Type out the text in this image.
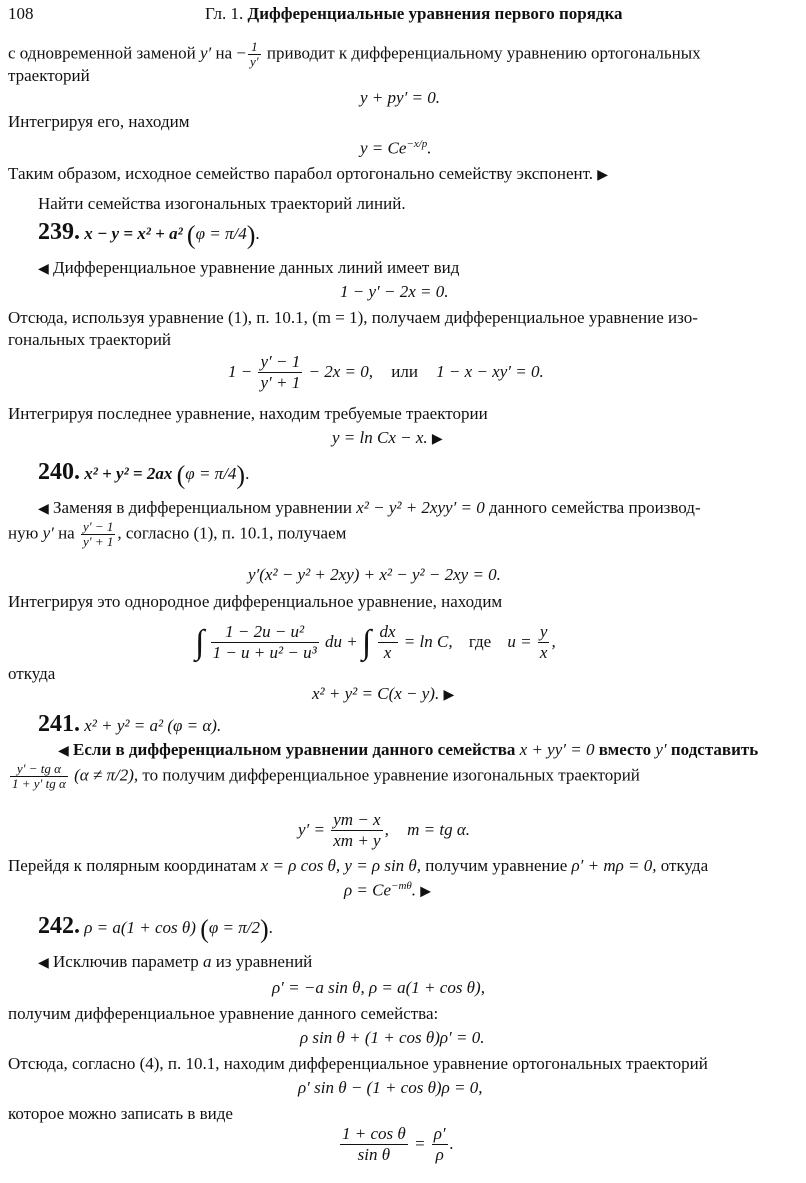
108	Гл. 1. Дифференциальные уравнения первого порядка
с одновременной заменой y′ на − $\frac{1}{y'}$ приводит к дифференциальному уравнению ортогональных
траекторий
y + py′ = 0.
Интегрируя его, находим
$y = Ce^{-x/p}$.
Таким образом, исходное семейство парабол ортогонально семейству экспонент. ▶
Найти семейства изогональных траекторий линий.
239. x − y = x² + a² (φ = π/4).
◀ Дифференциальное уравнение данных линий имеет вид
1 − y′ − 2x = 0.
Отсюда, используя уравнение (1), п. 10.1, (m = 1), получаем дифференциальное уравнение изо-
гональных траекторий
$1 - \frac{y' - 1}{y' + 1} - 2x = 0$, или 1 − x − xy′ = 0.
Интегрируя последнее уравнение, находим требуемые траектории
y = ln Cx − x. ▶
240. x² + y² = 2ax (φ = π/4).
◀ Заменяя в дифференциальном уравнении x² − y² + 2xyy′ = 0 данного семейства производ-
ную y′ на $\frac{y' - 1}{y' + 1}$ , согласно (1), п. 10.1, получаем
y′(x² − y² + 2xy) + x² − y² − 2xy = 0.
Интегрируя это однородное дифференциальное уравнение, находим
∫ $\frac{\text{1 − 2u − u²}}{\text{1 − u + u² − u³}}$ du + ∫ $\frac{dx}{x} = \ln C$, где $u = \frac{y}{x}$ ,
откуда
x² + y² = C(x − y). ▶
241. x² + y² = a² (φ = α).
◀ Если в дифференциальном уравнении данного семейства x + yy′ = 0 вместо y′ подставить
$\frac{\text{y′ − tg α}}{\text{1 + y′ tg α}} (\alpha \ne \pi/2)$, то получим дифференциальное уравнение изогональных траекторий
$y' = \frac{ym - x}{xm + y}$ , m = tg α.
Перейдя к полярным координатам x = ρ cos θ, y = ρ sin θ, получим уравнение ρ′ + mρ = 0, откуда
$\rho = Ce^{-m\theta}$. ▶
242. ρ = a(1 + cos θ) (φ = π/2).
◀ Исключив параметр a из уравнений
ρ′ = −a sin θ, ρ = a(1 + cos θ),
получим дифференциальное уравнение данного семейства:
ρ sin θ + (1 + cos θ)ρ′ = 0.
Отсюда, согласно (4), п. 10.1, находим дифференциальное уравнение ортогональных траекторий
ρ′ sin θ − (1 + cos θ)ρ = 0,
которое можно записать в виде
$\frac{\text{1 + cos θ}}{\text{sin θ}} = \frac{\rho'}{\rho}$ .
